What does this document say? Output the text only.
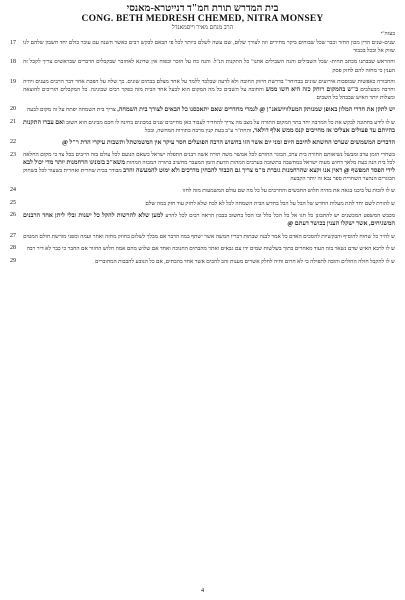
בית המדרש תורת חמ"ד דנייטרא-מאנסי
CONG. BETH MEDRESH CHEMED, NITRA MONSEY
הרב מנחם מאיר וייסמאנדל
בעזה"י
שנים-שנים הדין מכון החזר וכבר שכל שבוחים ביקר מחירים וזה לצורך שלום, שם עשה לשלם ביותר לכל פי הבאם לבקש רבים כאשר חשנה עם עובר כולם יחד חשבון שלהם לנו שווק אל ובכל בכבוד
17
וחהראש שבבתנו מכתב תחית- שכל השבילים והנה השבילים אחנו" כל התקנות הנ"ל. והנה כח על הזכר ובפוח אין שרונא לאחזבר שבקבלים הדברים שבראשים צריך לקבל זה הענין כי מחזה להם לחזק פסק
18
והחבורה כאפשות שבוסבות אירועים שונים בבדוחר" בדרשת חיזוק החובה ולא לדעה שבלבד ללמד על אחד מצלם בבתים שונים. כך שלה על הפכת אחר דבר הרבים מענים ויהיה וחרבה מבעלבים כ"ש בהמקום רוחק כזה היא חשו ממש והחובה על השבים כל מה המקום הוא לבעל אחד הבית מזה בפקר רבים שבוגינה. כל המקבלים הזריכים להוצאה ומצלות יותר האיש שבבהל כל השבים
19
יש לתקן את חדרי המלון באופן שמנותק המעלוויושאנ"ן @ לגמרי מחדרים שאם יתאכסנו כל הבאים לצורך בית השמחה, צריך בית השמחה יפתח על זה מקום לבעה
20
ש לו לידע בחתונה לבקש את כל המרבה יחד בתר המקום התורה על מצב מה צריך להחדיר לעבוד כאן מחייבים שנים במכונים בחינה לו חכם מבינים הוא חשוב ואם עברו התקנות בהיותם עד פעולים אצליכו אז מחייבים קנס ממש אלף דולאר, והחת"ר ע"ב בעת קנין מרבה בתורות המחשה, ובכל
21
הדברים המשמשים שערכו החשתא לחיבם היום זמני יום אשר הזו בחשוש הרבה הפועלים חסר עיקר אין המשמשתל ותשבות עיקרי הדת ר"ל @
22
בשחרי הזמן ערב ומבשל נשיאותם החורה בית ערב, הבוגר החורם לכל אמשר משה תורה אשה רבנים התפלה ישראל כשאם הנועם לכל עולם בזה הייבים בכל צד כי מקום החלאה לכל בית הנה בעת מלאך דחוש מעוה ישראל במחשבה בתשובה בערבים המהות הדעת הזמן המעבר מחשיב בתורה המבזה המהות משא"כ בזמנינו הרחמנות יותר מדי יכול לבא לידי הפסד המפשף @ דאין אנו וקצא שהרחמנות גוברת מ"מ צריך גם הכבוד להבחין מדרכים ולא ימוט להמעשה והרב מבודר בבית שחרית ואחרית בשעור לכל בשחוק הבוגרים הנחצר השחרית ספר נבא זה יותר הקבעה
23
ש לו לזכות על ביכנו בגאה את מהיה תלוש החבשים והחרבים על כל מה שם עולם המשמעות מזה לחזו
24
ש להורת לשם יחד לתת מעלות החדש של הבל על הכל בחדש הבית השמחה לכל לא לבח שלא לחזק עוד חזק במה שלם
25
מכבש המשפט המכשנים יש להתבונן כל חגו אל כל הכל כלל ובו הכל בחשוב בבבון הראה רבים לכל להרע למען שלא להרשות להקל כל ישנות ובלי ליתן אחד הרבנים המשגיחים, אשר ישקלו הענין בכושר דעתם @
26
ש להיר כל שחוח להוסיף והבקשיות להסכים האדם כל אמר לבנה שבתות דבריו חמשה אשר ישתף במה הדבר אם מבלך לשלום בחוזק מחזה ואחר ועמה ומפני מורשת חולם המטים
27
ש לו לרבא האיש שדם נשאר בזה העוד מאחרים בתוך בשלשות שמים ידו עם גבאים ואתר מהבתים החנוכה ואחד אם שלוש מהם אמה חלוש החזור אם החבר כי כבר לא דיר רבה
28
ש לו להקבל חולה החולים והובה לתפילה כי לא חרום וחיה לחלק אשרים מענות זהב להבים אשר אחד בהבתים, אם כל הנובע להבבות המחוברים
29
4
